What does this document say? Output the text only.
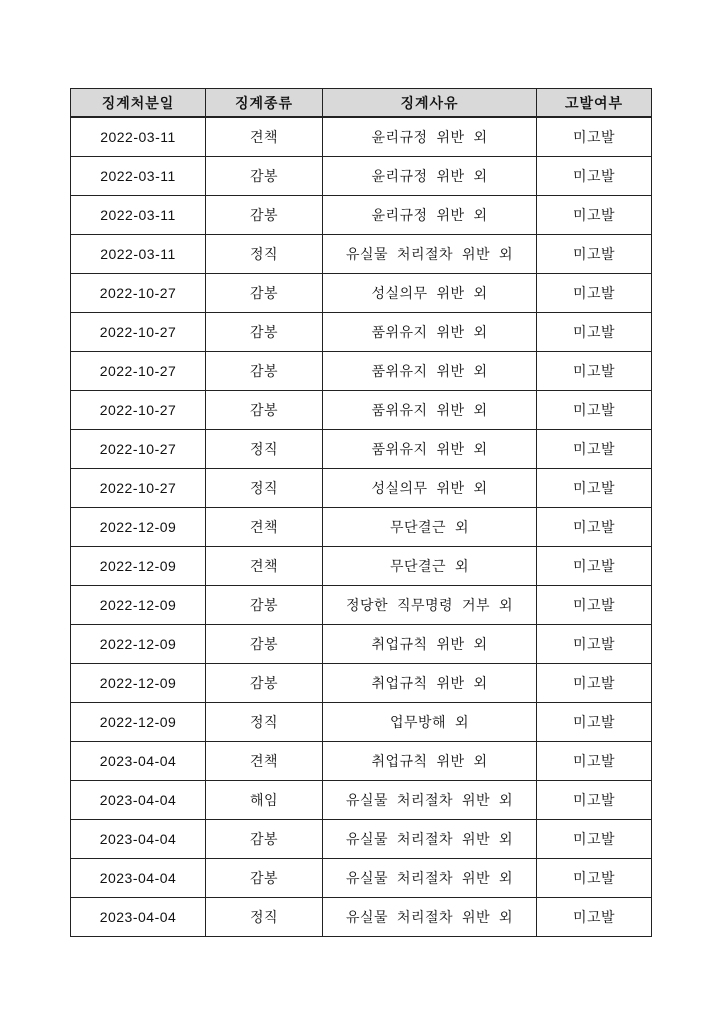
징계처분일	징계종류	징계사유	고발여부
2022-03-11	견책	윤리규정 위반 외	미고발
2022-03-11	감봉	윤리규정 위반 외	미고발
2022-03-11	감봉	윤리규정 위반 외	미고발
2022-03-11	정직	유실물 처리절차 위반 외	미고발
2022-10-27	감봉	성실의무 위반 외	미고발
2022-10-27	감봉	품위유지 위반 외	미고발
2022-10-27	감봉	품위유지 위반 외	미고발
2022-10-27	감봉	품위유지 위반 외	미고발
2022-10-27	정직	품위유지 위반 외	미고발
2022-10-27	정직	성실의무 위반 외	미고발
2022-12-09	견책	무단결근 외	미고발
2022-12-09	견책	무단결근 외	미고발
2022-12-09	감봉	정당한 직무명령 거부 외	미고발
2022-12-09	감봉	취업규칙 위반 외	미고발
2022-12-09	감봉	취업규칙 위반 외	미고발
2022-12-09	정직	업무방해 외	미고발
2023-04-04	견책	취업규칙 위반 외	미고발
2023-04-04	해임	유실물 처리절차 위반 외	미고발
2023-04-04	감봉	유실물 처리절차 위반 외	미고발
2023-04-04	감봉	유실물 처리절차 위반 외	미고발
2023-04-04	정직	유실물 처리절차 위반 외	미고발
